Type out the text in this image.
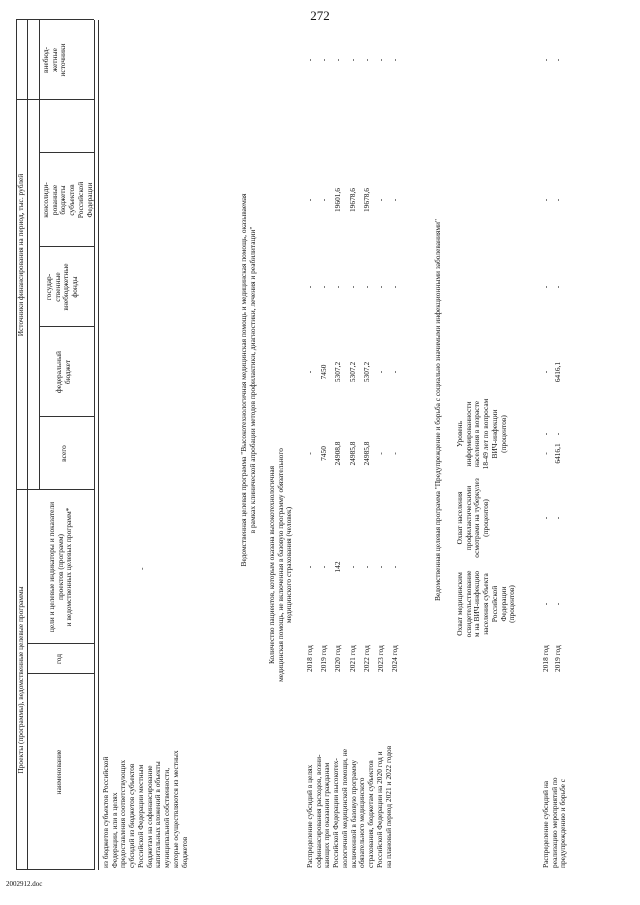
272
Проекты (программы), ведомственные целевые программы	наименование
год
цели и целевые индикаторы и показатели проектов (программ)
и ведомственных целевых программ*
Источники финансирования на период, тыс. рублей
всего
федеральный
бюджет
государ-
ственные
внебюджетные
фонды
консолиди-
рованные
бюджеты
субъектов
Российской
Федерации
внебюд-
жетные
источники
из бюджетов субъектов Российской
Федерации, или в целях
предоставления соответствующих
субсидий из бюджетов субъектов
Российской Федерации местным
бюджетам на софинансирование
капитальных вложений в объекты
муниципальной собственности,
которые осуществляются из местных
бюджетов
-
Ведомственная целевая программа "Высокотехнологичная медицинская помощь и медицинская помощь, оказываемая
в рамках клинической апробации методов профилактики, диагностики, лечения и реабилитации"
Количество пациентов, которым оказана высокотехнологичная
медицинская помощь, не включенная в базовую программу обязательного
медицинского страхования (человек)
Распределение субсидий в целях
софинансирования расходов, возни-
кающих при оказании гражданам
Российской Федерации высокотех-
нологичной медицинской помощи, не
включенной в базовую программу
обязательного медицинского
страхования, бюджетам субъектов
Российской Федерации на 2020 год и
на плановый период 2021 и 2022 годов
2018 год
-
-
-
-
-
-
2019 год
-
7450
7450
-
-
-
2020 год
142
24908,8
5307,2
-
19601,6
-
2021 год
-
24985,8
5307,2
-
19678,6
-
2022 год
-
24985,8
5307,2
-
19678,6
-
2023 год
-
-
-
-
-
-
2024 год
-
-
-
-
-
-
Ведомственная целевая программа "Предупреждение и борьба с социально значимыми инфекционными заболеваниями"
Охват медицинским
освидетельствование
м на ВИЧ-инфекцию
населения субъекта
Российской
Федерации
(процентов)
Охват населения
профилактическими
осмотрами на туберкулез
(процентов)
Уровень
информированности
населения в возрасте
18-49 лет по вопросам
ВИЧ-инфекции
(процентов)
Распределение субсидий на
реализацию мероприятий по
предупреждению и борьбе с
2018 год
-
-
-
-
-
-
-
-
2019 год
-
-
-
6416,1
6416,1
-
-
-
2002912.doc
